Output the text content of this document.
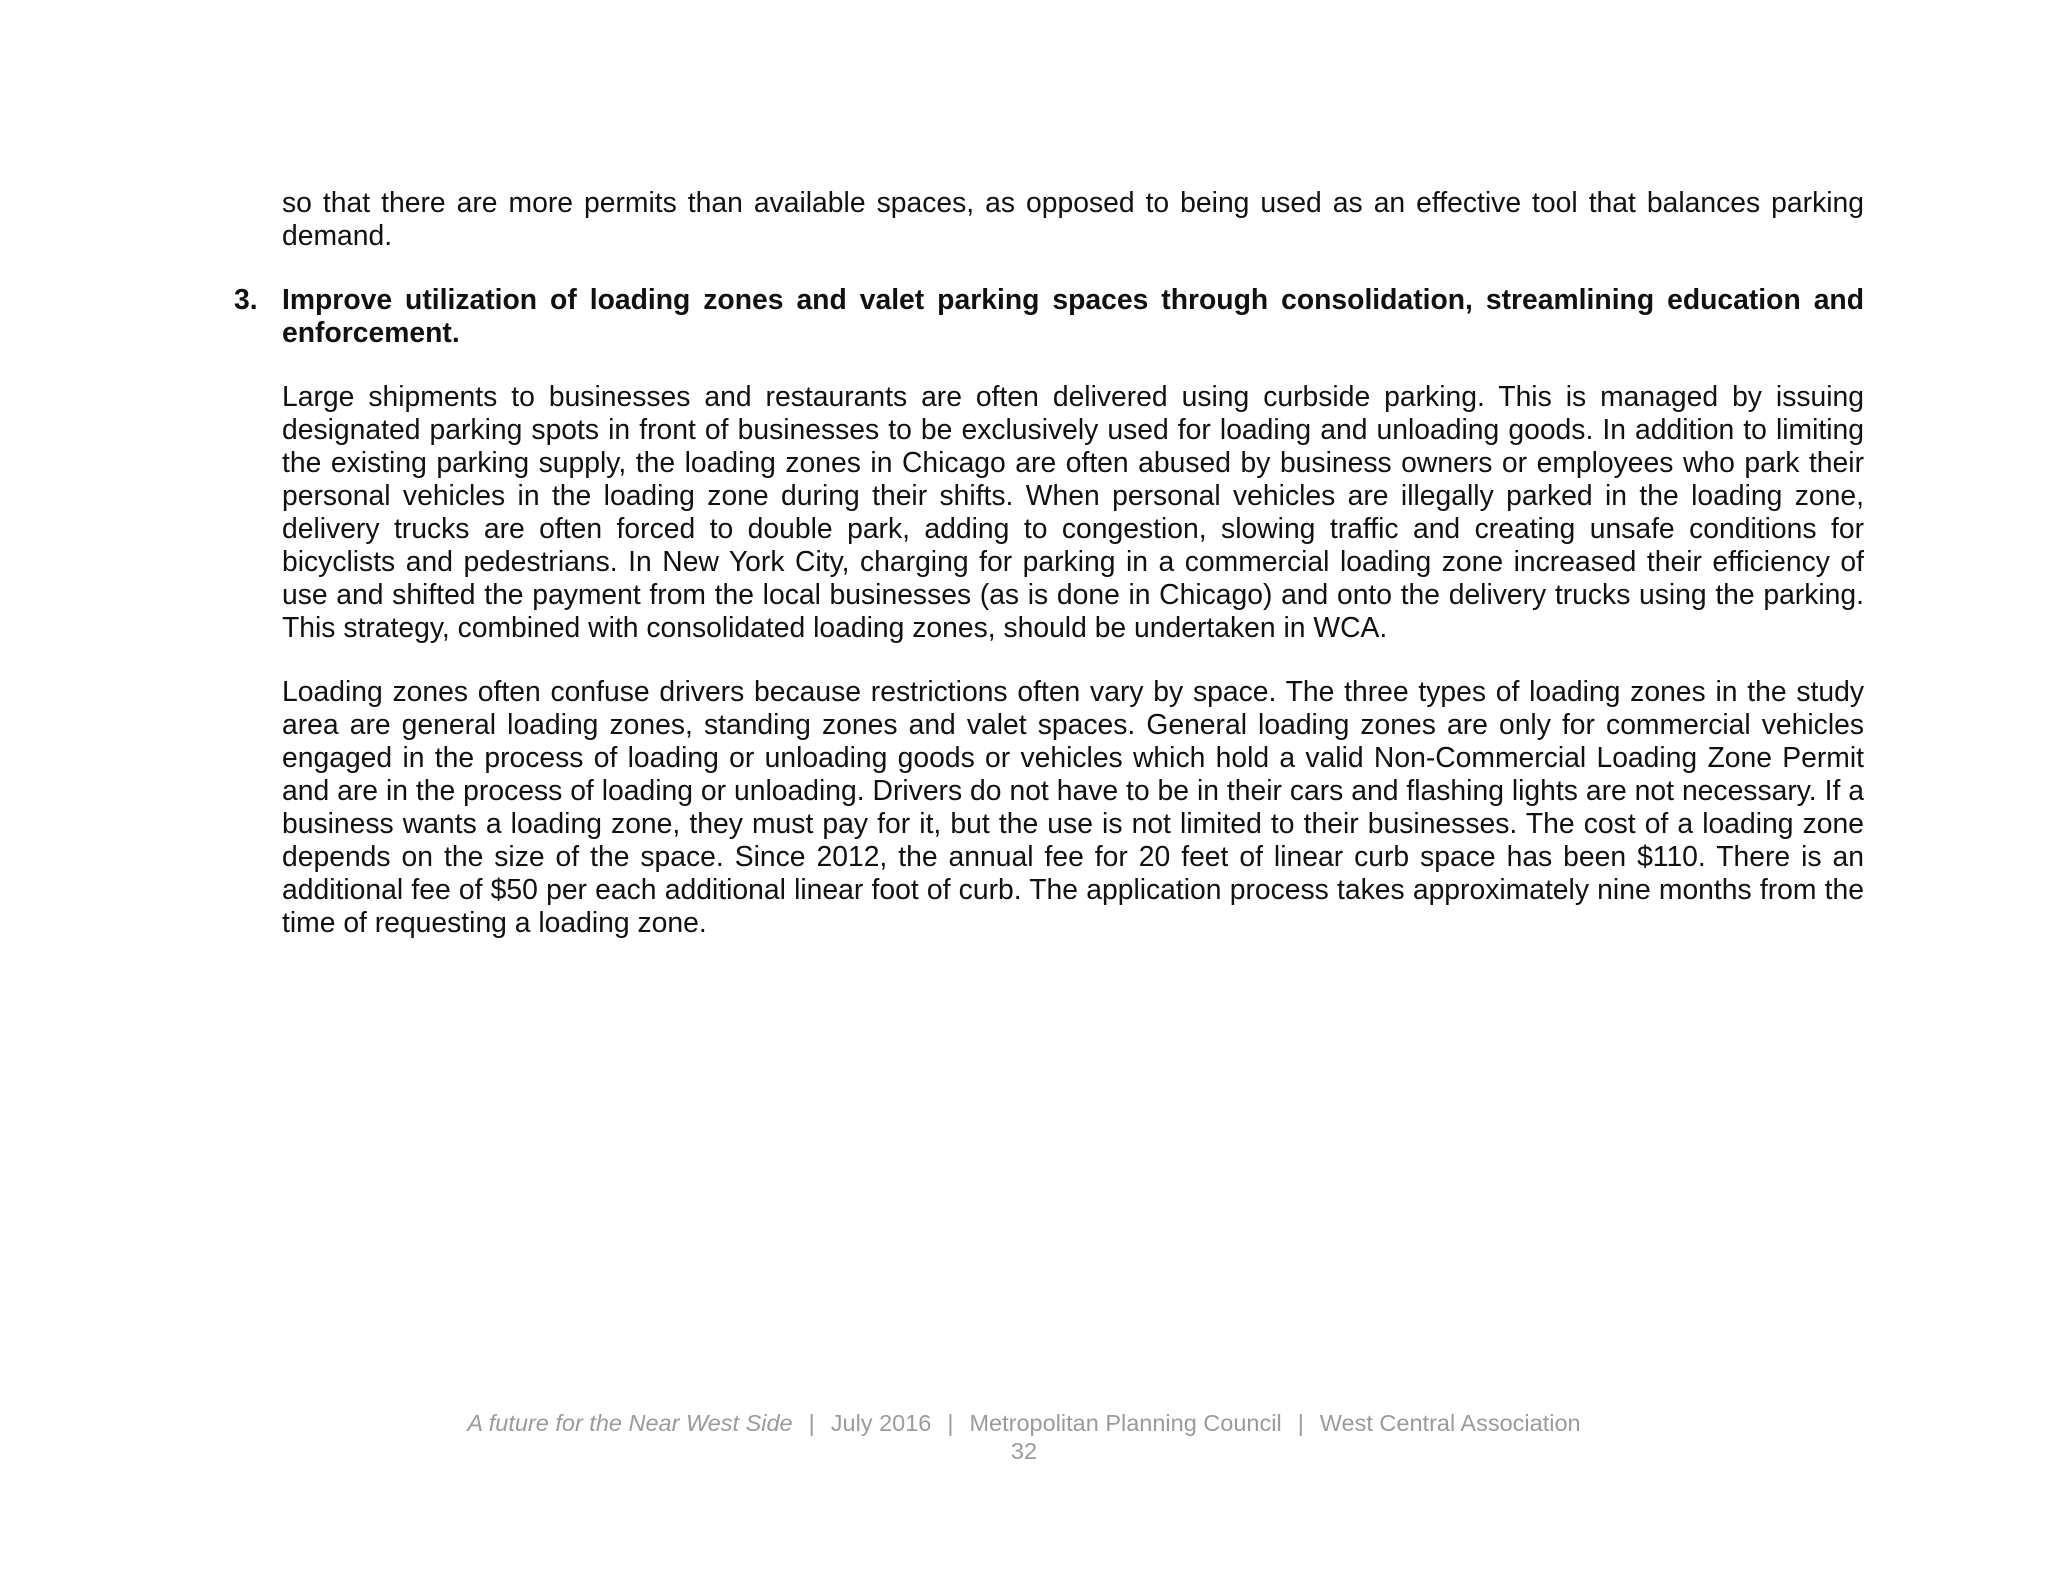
so that there are more permits than available spaces, as opposed to being used as an effective tool that balances parking demand.

3. Improve utilization of loading zones and valet parking spaces through consolidation, streamlining education and enforcement.

Large shipments to businesses and restaurants are often delivered using curbside parking. This is managed by issuing designated parking spots in front of businesses to be exclusively used for loading and unloading goods. In addition to limiting the existing parking supply, the loading zones in Chicago are often abused by business owners or employees who park their personal vehicles in the loading zone during their shifts. When personal vehicles are illegally parked in the loading zone, delivery trucks are often forced to double park, adding to congestion, slowing traffic and creating unsafe conditions for bicyclists and pedestrians. In New York City, charging for parking in a commercial loading zone increased their efficiency of use and shifted the payment from the local businesses (as is done in Chicago) and onto the delivery trucks using the parking. This strategy, combined with consolidated loading zones, should be undertaken in WCA.

Loading zones often confuse drivers because restrictions often vary by space. The three types of loading zones in the study area are general loading zones, standing zones and valet spaces. General loading zones are only for commercial vehicles engaged in the process of loading or unloading goods or vehicles which hold a valid Non-Commercial Loading Zone Permit and are in the process of loading or unloading. Drivers do not have to be in their cars and flashing lights are not necessary. If a business wants a loading zone, they must pay for it, but the use is not limited to their businesses. The cost of a loading zone depends on the size of the space. Since 2012, the annual fee for 20 feet of linear curb space has been $110. There is an additional fee of $50 per each additional linear foot of curb. The application process takes approximately nine months from the time of requesting a loading zone.

A future for the Near West Side | July 2016 | Metropolitan Planning Council | West Central Association
32
